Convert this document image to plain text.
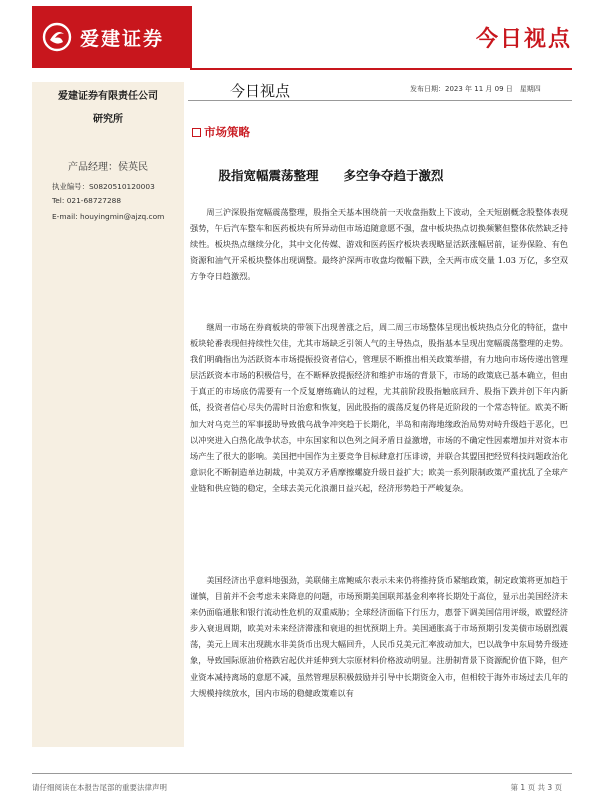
爱建证券	今日视点
爱建证券有限责任公司
研究所
产品经理：侯英民
执业编号：S0820510120003
Tel: 021-68727288
E-mail: houyingmin@ajzq.com
今日视点	发布日期：2023 年 11 月 09 日　星期四
市场策略
股指宽幅震荡整理　　多空争夺趋于激烈
周三沪深股指宽幅震荡整理，股指全天基本围绕前一天收盘指数上下波动，全天短剧概念股整体表现强势，午后汽车整车和医药板块有所异动但市场追随意愿不强，盘中板块热点切换频繁但整体依然缺乏持续性。板块热点继续分化，其中文化传媒、游戏和医药医疗板块表现略显活跃涨幅居前，证券保险、有色资源和油气开采板块整体出现调整。最终沪深两市收盘均微幅下跌，全天两市成交量 1.03 万亿，多空双方争夺日趋激烈。
继周一市场在券商板块的带领下出现普涨之后，周二周三市场整体呈现出板块热点分化的特征，盘中板块轮番表现但持续性欠佳，尤其市场缺乏引领人气的主导热点，股指基本呈现出宽幅震荡整理的走势。我们明确指出为活跃资本市场提振投资者信心，管理层不断推出相关政策举措，有力地向市场传递出管理层活跃资本市场的积极信号，在不断释放提振经济和维护市场的背景下，市场的政策底已基本确立，但由于真正的市场底仍需要有一个反复磨练确认的过程，尤其前阶段股指触底回升、股指下跌并创下年内新低，投资者信心尽失仍需时日治愈和恢复，因此股指的震荡反复仍将是近阶段的一个常态特征。欧美不断加大对乌克兰的军事援助导致俄乌战争冲突趋于长期化，半岛和南海地缘政治局势对峙升级趋于恶化，巴以冲突进入白热化战争状态，中东国家和以色列之间矛盾日益激增，市场的不确定性因素增加并对资本市场产生了很大的影响。美国把中国作为主要竞争目标肆意打压诽谤，并联合其盟国把经贸科技问题政治化意识化不断制造单边制裁，中美双方矛盾摩擦螺旋升级日益扩大；欧美一系列限制政策严重扰乱了全球产业链和供应链的稳定，全球去美元化浪潮日益兴起，经济形势趋于严峻复杂。
美国经济出乎意料地强劲，美联储主席鲍威尔表示未来仍将推持货币紧缩政策，制定政策将更加趋于谨慎，目前并不会考虑未来降息的问题，市场预期美国联邦基金利率将长期处于高位，显示出美国经济未来仍面临通胀和银行流动性危机的双重威胁；全球经济面临下行压力，惠誉下调美国信用评级，欧盟经济步入衰退周期，欧美对未来经济滞涨和衰退的担忧预期上升。美国通胀高于市场预期引发美债市场剧烈震荡，美元上周末出现跳水非美货币出现大幅回升，人民币兑美元汇率波动加大，巴以战争中东局势升级迹象，导致国际原油价格跌宕起伏并延伸到大宗原材料价格波动明显。注册制背景下资源配价值下降，但产业资本减持离场的意愿不减，虽然管理层积极鼓励并引导中长期资金入市，但相较于海外市场过去几年的大规模持续放水，国内市场的稳健政策难以有
请仔细阅读在本报告尾部的重要法律声明	第 1 页 共 3 页
